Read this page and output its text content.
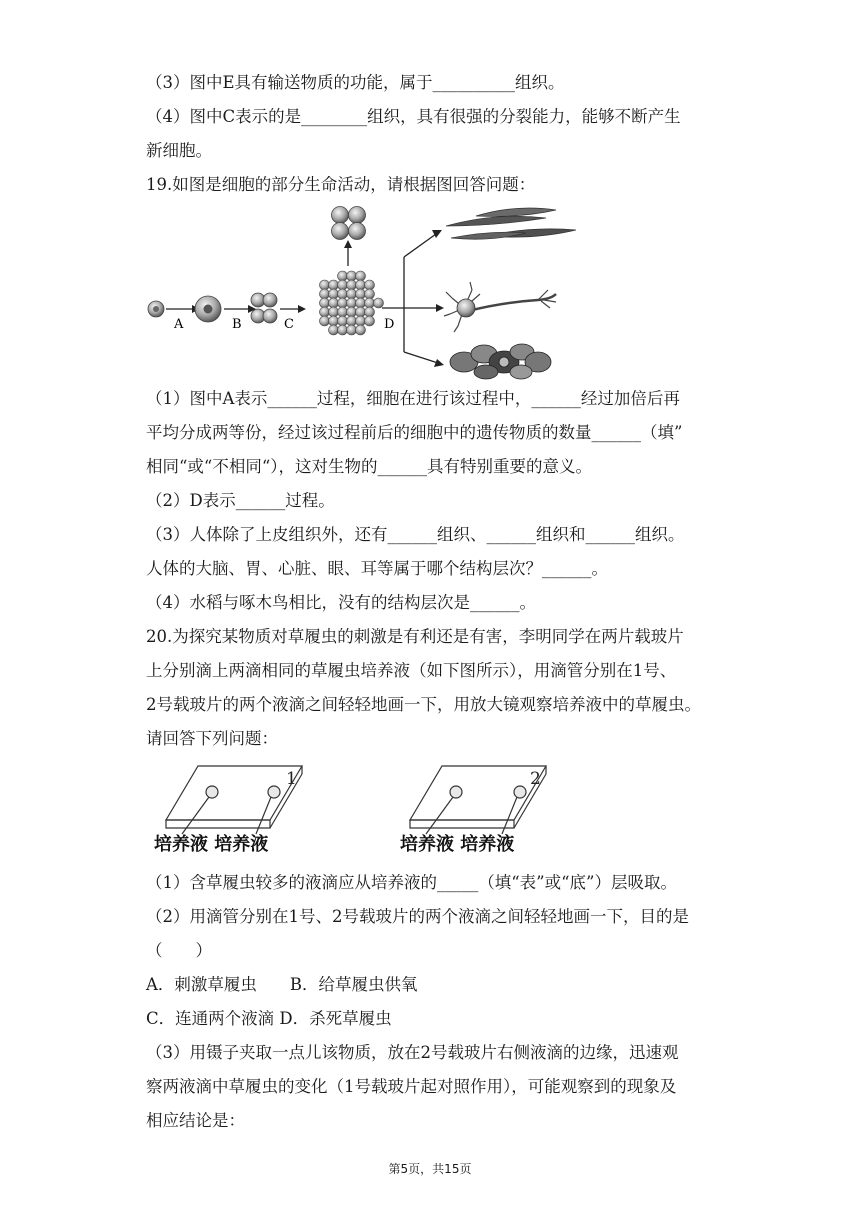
（3）图中E具有输送物质的功能，属于__________组织。
（4）图中C表示的是________组织，具有很强的分裂能力，能够不断产生
新细胞。
19.如图是细胞的部分生命活动，请根据图回答问题：
A	B	C	D
（1）图中A表示______过程，细胞在进行该过程中，______经过加倍后再
平均分成两等份，经过该过程前后的细胞中的遗传物质的数量______（填”
相同“或“不相同“），这对生物的______具有特别重要的意义。
（2）D表示______过程。
（3）人体除了上皮组织外，还有______组织、______组织和______组织。
人体的大脑、胃、心脏、眼、耳等属于哪个结构层次？______。
（4）水稻与啄木鸟相比，没有的结构层次是______。
20.为探究某物质对草履虫的刺激是有利还是有害，李明同学在两片载玻片
上分别滴上两滴相同的草履虫培养液（如下图所示），用滴管分别在1号、
2号载玻片的两个液滴之间轻轻地画一下，用放大镜观察培养液中的草履虫。
请回答下列问题：
1
培养液 培养液
2
培养液 培养液
（1）含草履虫较多的液滴应从培养液的_____（填“表”或“底”）层吸取。
（2）用滴管分别在1号、2号载玻片的两个液滴之间轻轻地画一下，目的是
（　　）
A．刺激草履虫　　B．给草履虫供氧
C．连通两个液滴 D．杀死草履虫
（3）用镊子夹取一点儿该物质，放在2号载玻片右侧液滴的边缘，迅速观
察两液滴中草履虫的变化（1号载玻片起对照作用），可能观察到的现象及
相应结论是：
第5页，共15页
